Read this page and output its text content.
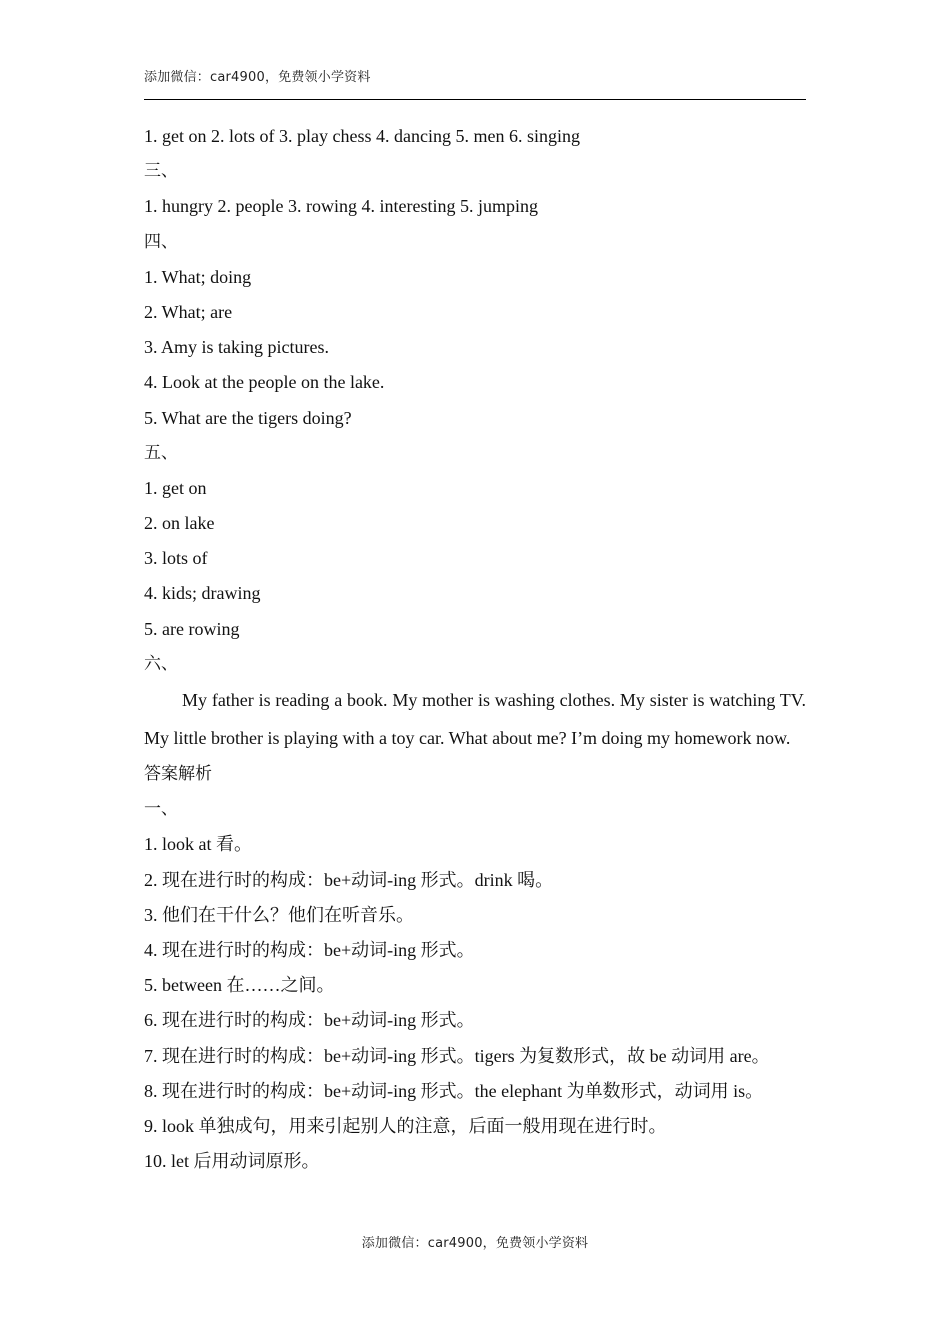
添加微信：car4900，免费领小学资料
1. get on 2. lots of 3. play chess 4. dancing 5. men 6. singing
三、
1. hungry 2. people 3. rowing 4. interesting 5. jumping
四、
1. What; doing
2. What; are
3. Amy is taking pictures.
4. Look at the people on the lake.
5. What are the tigers doing?
五、
1. get on
2. on lake
3. lots of
4. kids; drawing
5. are rowing
六、

My father is reading a book. My mother is washing clothes. My sister is watching TV. My little brother is playing with a toy car. What about me? I’m doing my homework now.

答案解析
一、
1. look at 看。
2. 现在进行时的构成：be+动词-ing 形式。drink 喝。
3. 他们在干什么？他们在听音乐。
4. 现在进行时的构成：be+动词-ing 形式。
5. between 在……之间。
6. 现在进行时的构成：be+动词-ing 形式。
7. 现在进行时的构成：be+动词-ing 形式。tigers 为复数形式，故 be 动词用 are。
8. 现在进行时的构成：be+动词-ing 形式。the elephant 为单数形式，动词用 is。
9. look 单独成句，用来引起别人的注意，后面一般用现在进行时。
10. let 后用动词原形。
添加微信：car4900，免费领小学资料
